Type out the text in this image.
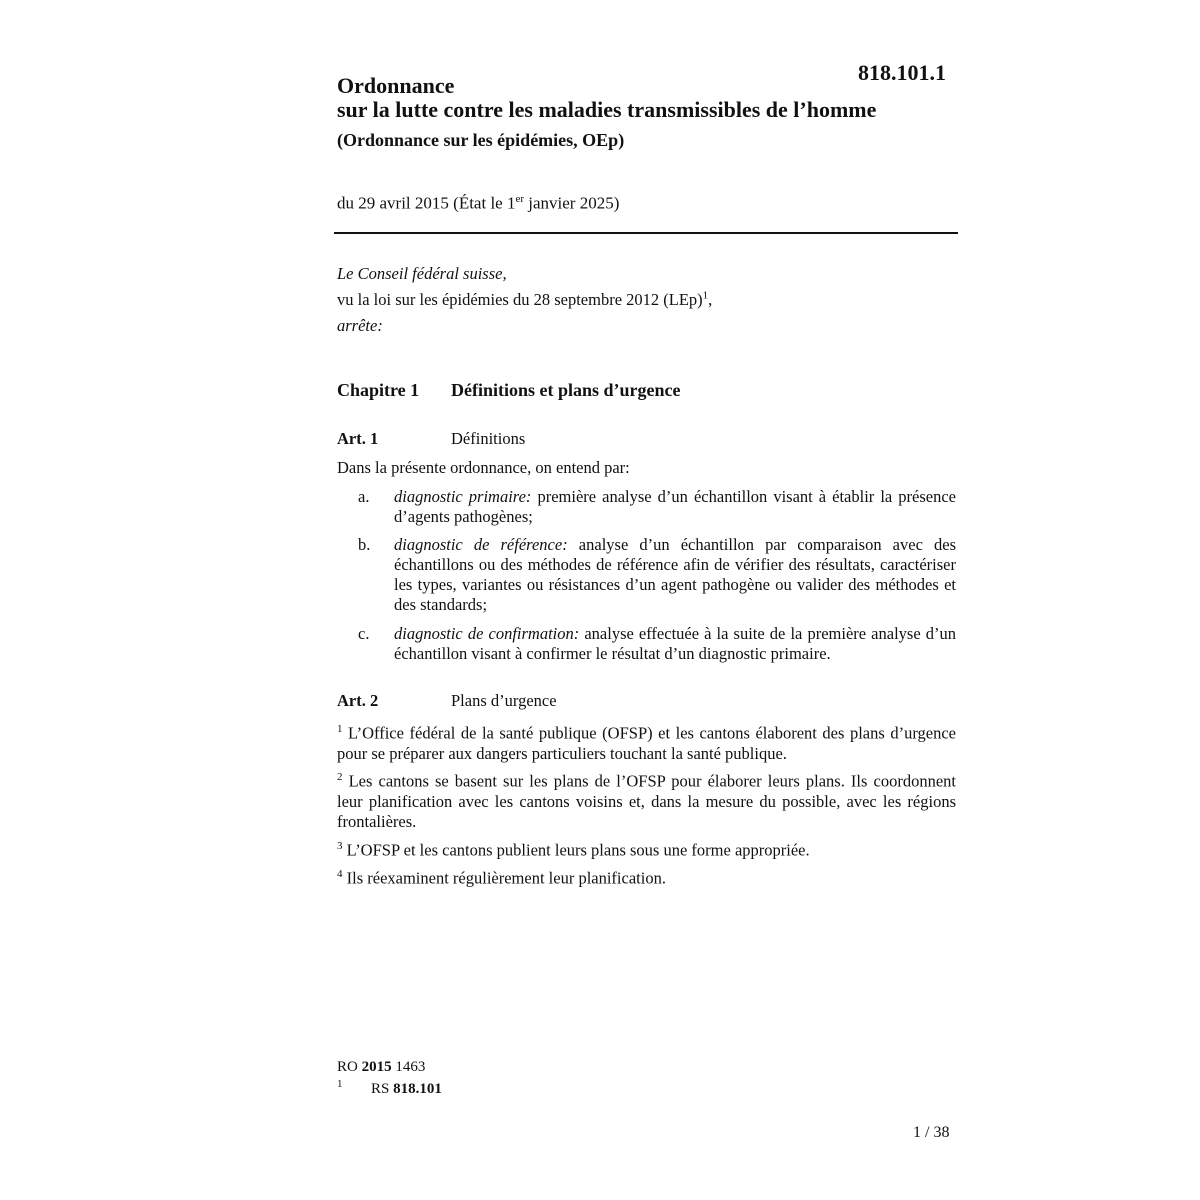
818.101.1
Ordonnance
sur la lutte contre les maladies transmissibles de l’homme
(Ordonnance sur les épidémies, OEp)
du 29 avril 2015 (État le 1er janvier 2025)
Le Conseil fédéral suisse,
vu la loi sur les épidémies du 28 septembre 2012 (LEp)$^1$,
arrête:
Chapitre 1 Définitions et plans d’urgence
Art. 1	Définitions
Dans la présente ordonnance, on entend par:
a. diagnostic primaire: première analyse d’un échantillon visant à établir la présence d’agents pathogènes;
b. diagnostic de référence: analyse d’un échantillon par comparaison avec des échantillons ou des méthodes de référence afin de vérifier des résultats, caractériser les types, variantes ou résistances d’un agent pathogène ou valider des méthodes et des standards;
c. diagnostic de confirmation: analyse effectuée à la suite de la première analyse d’un échantillon visant à confirmer le résultat d’un diagnostic primaire.
Art. 2	Plans d’urgence
$^1$ L’Office fédéral de la santé publique (OFSP) et les cantons élaborent des plans d’urgence pour se préparer aux dangers particuliers touchant la santé publique.
$^2$ Les cantons se basent sur les plans de l’OFSP pour élaborer leurs plans. Ils coordonnent leur planification avec les cantons voisins et, dans la mesure du possible, avec les régions frontalières.
$^3$ L’OFSP et les cantons publient leurs plans sous une forme appropriée.
$^4$ Ils réexaminent régulièrement leur planification.
RO 2015 1463
1 RS 818.101
1 / 38
